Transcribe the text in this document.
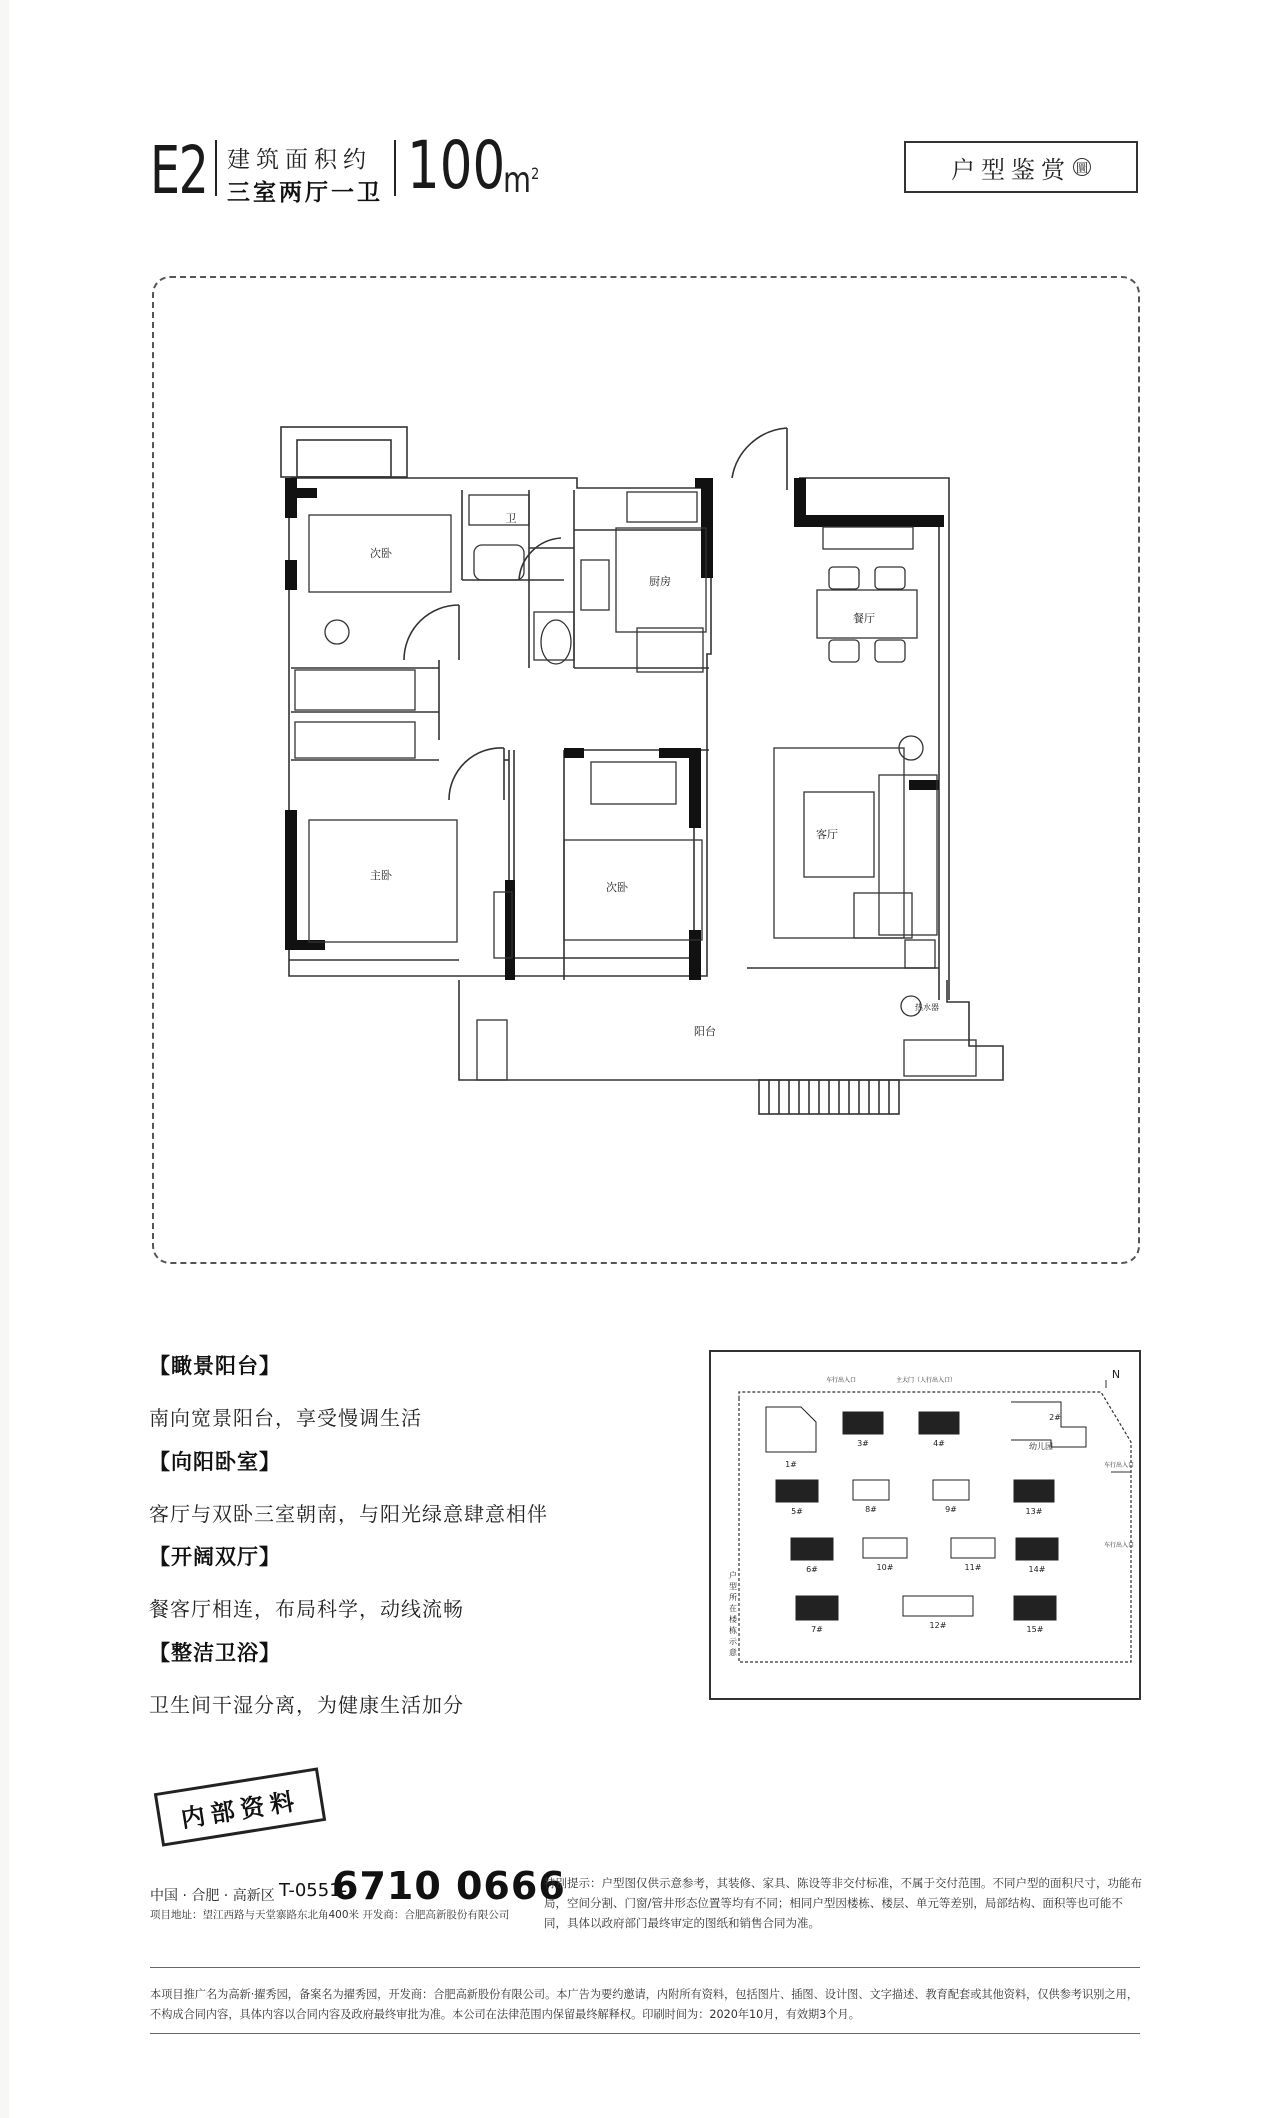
E2 建筑面积约
三室两厅一卫 100
$m^2$	户型鉴赏 圜
次卧
卫
厨房
餐厅
客厅
主卧
次卧
阳台
热水器
【瞰景阳台】
南向宽景阳台，享受慢调生活
【向阳卧室】
客厅与双卧三室朝南，与阳光绿意肆意相伴
【开阔双厅】
餐客厅相连，布局科学，动线流畅
【整洁卫浴】
卫生间干湿分离，为健康生活加分
N
车行出入口	主大门（人行出入口）
车行出入口
车行出入口
幼儿园
1#
2#
3#	4#
5#
6#
7#
8#	9#
10#	11#
12#
13#
14#
15#
户型所在楼栋示意
内部资料
中国 · 合肥 · 高新区 T-0551-
6710 0666
项目地址：望江西路与天堂寨路东北角400米 开发商：合肥高新股份有限公司
特别提示：户型图仅供示意参考，其装修、家具、陈设等非交付标准，不属于交付范围。不同户型的面积尺寸，功能布局，空间分割、门窗/管井形态位置等均有不同；相同户型因楼栋、楼层、单元等差别，局部结构、面积等也可能不同，具体以政府部门最终审定的图纸和销售合同为准。
本项目推广名为高新·擢秀园，备案名为擢秀园，开发商：合肥高新股份有限公司。本广告为要约邀请，内附所有资料，包括图片、插图、设计图、文字描述、教育配套或其他资料，仅供参考识别之用，不构成合同内容，具体内容以合同内容及政府最终审批为准。本公司在法律范围内保留最终解释权。印刷时间为：2020年10月，有效期3个月。
